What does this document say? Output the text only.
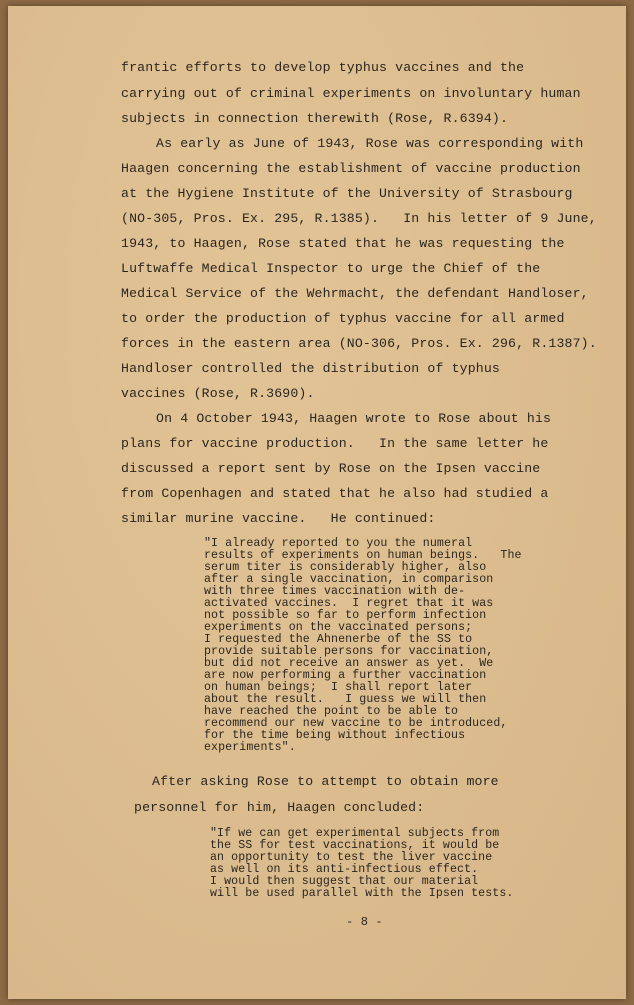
frantic efforts to develop typhus vaccines and the

carrying out of criminal experiments on involuntary human

subjects in connection therewith (Rose, R.6394).

As early as June of 1943, Rose was corresponding with

Haagen concerning the establishment of vaccine production

at the Hygiene Institute of the University of Strasbourg

(NO-305, Pros. Ex. 295, R.1385).   In his letter of 9 June,

1943, to Haagen, Rose stated that he was requesting the

Luftwaffe Medical Inspector to urge the Chief of the

Medical Service of the Wehrmacht, the defendant Handloser,

to order the production of typhus vaccine for all armed

forces in the eastern area (NO-306, Pros. Ex. 296, R.1387).

Handloser controlled the distribution of typhus

vaccines (Rose, R.3690).

On 4 October 1943, Haagen wrote to Rose about his

plans for vaccine production.   In the same letter he

discussed a report sent by Rose on the Ipsen vaccine

from Copenhagen and stated that he also had studied a

similar murine vaccine.   He continued:

"I already reported to you the numeral

results of experiments on human beings.   The

serum titer is considerably higher, also

after a single vaccination, in comparison

with three times vaccination with de-

activated vaccines.  I regret that it was

not possible so far to perform infection

experiments on the vaccinated persons;

I requested the Ahnenerbe of the SS to

provide suitable persons for vaccination,

but did not receive an answer as yet.  We

are now performing a further vaccination

on human beings;  I shall report later

about the result.   I guess we will then

have reached the point to be able to

recommend our new vaccine to be introduced,

for the time being without infectious

experiments".

After asking Rose to attempt to obtain more

personnel for him, Haagen concluded:

"If we can get experimental subjects from

the SS for test vaccinations, it would be

an opportunity to test the liver vaccine

as well on its anti-infectious effect.

I would then suggest that our material

will be used parallel with the Ipsen tests.

- 8 -
